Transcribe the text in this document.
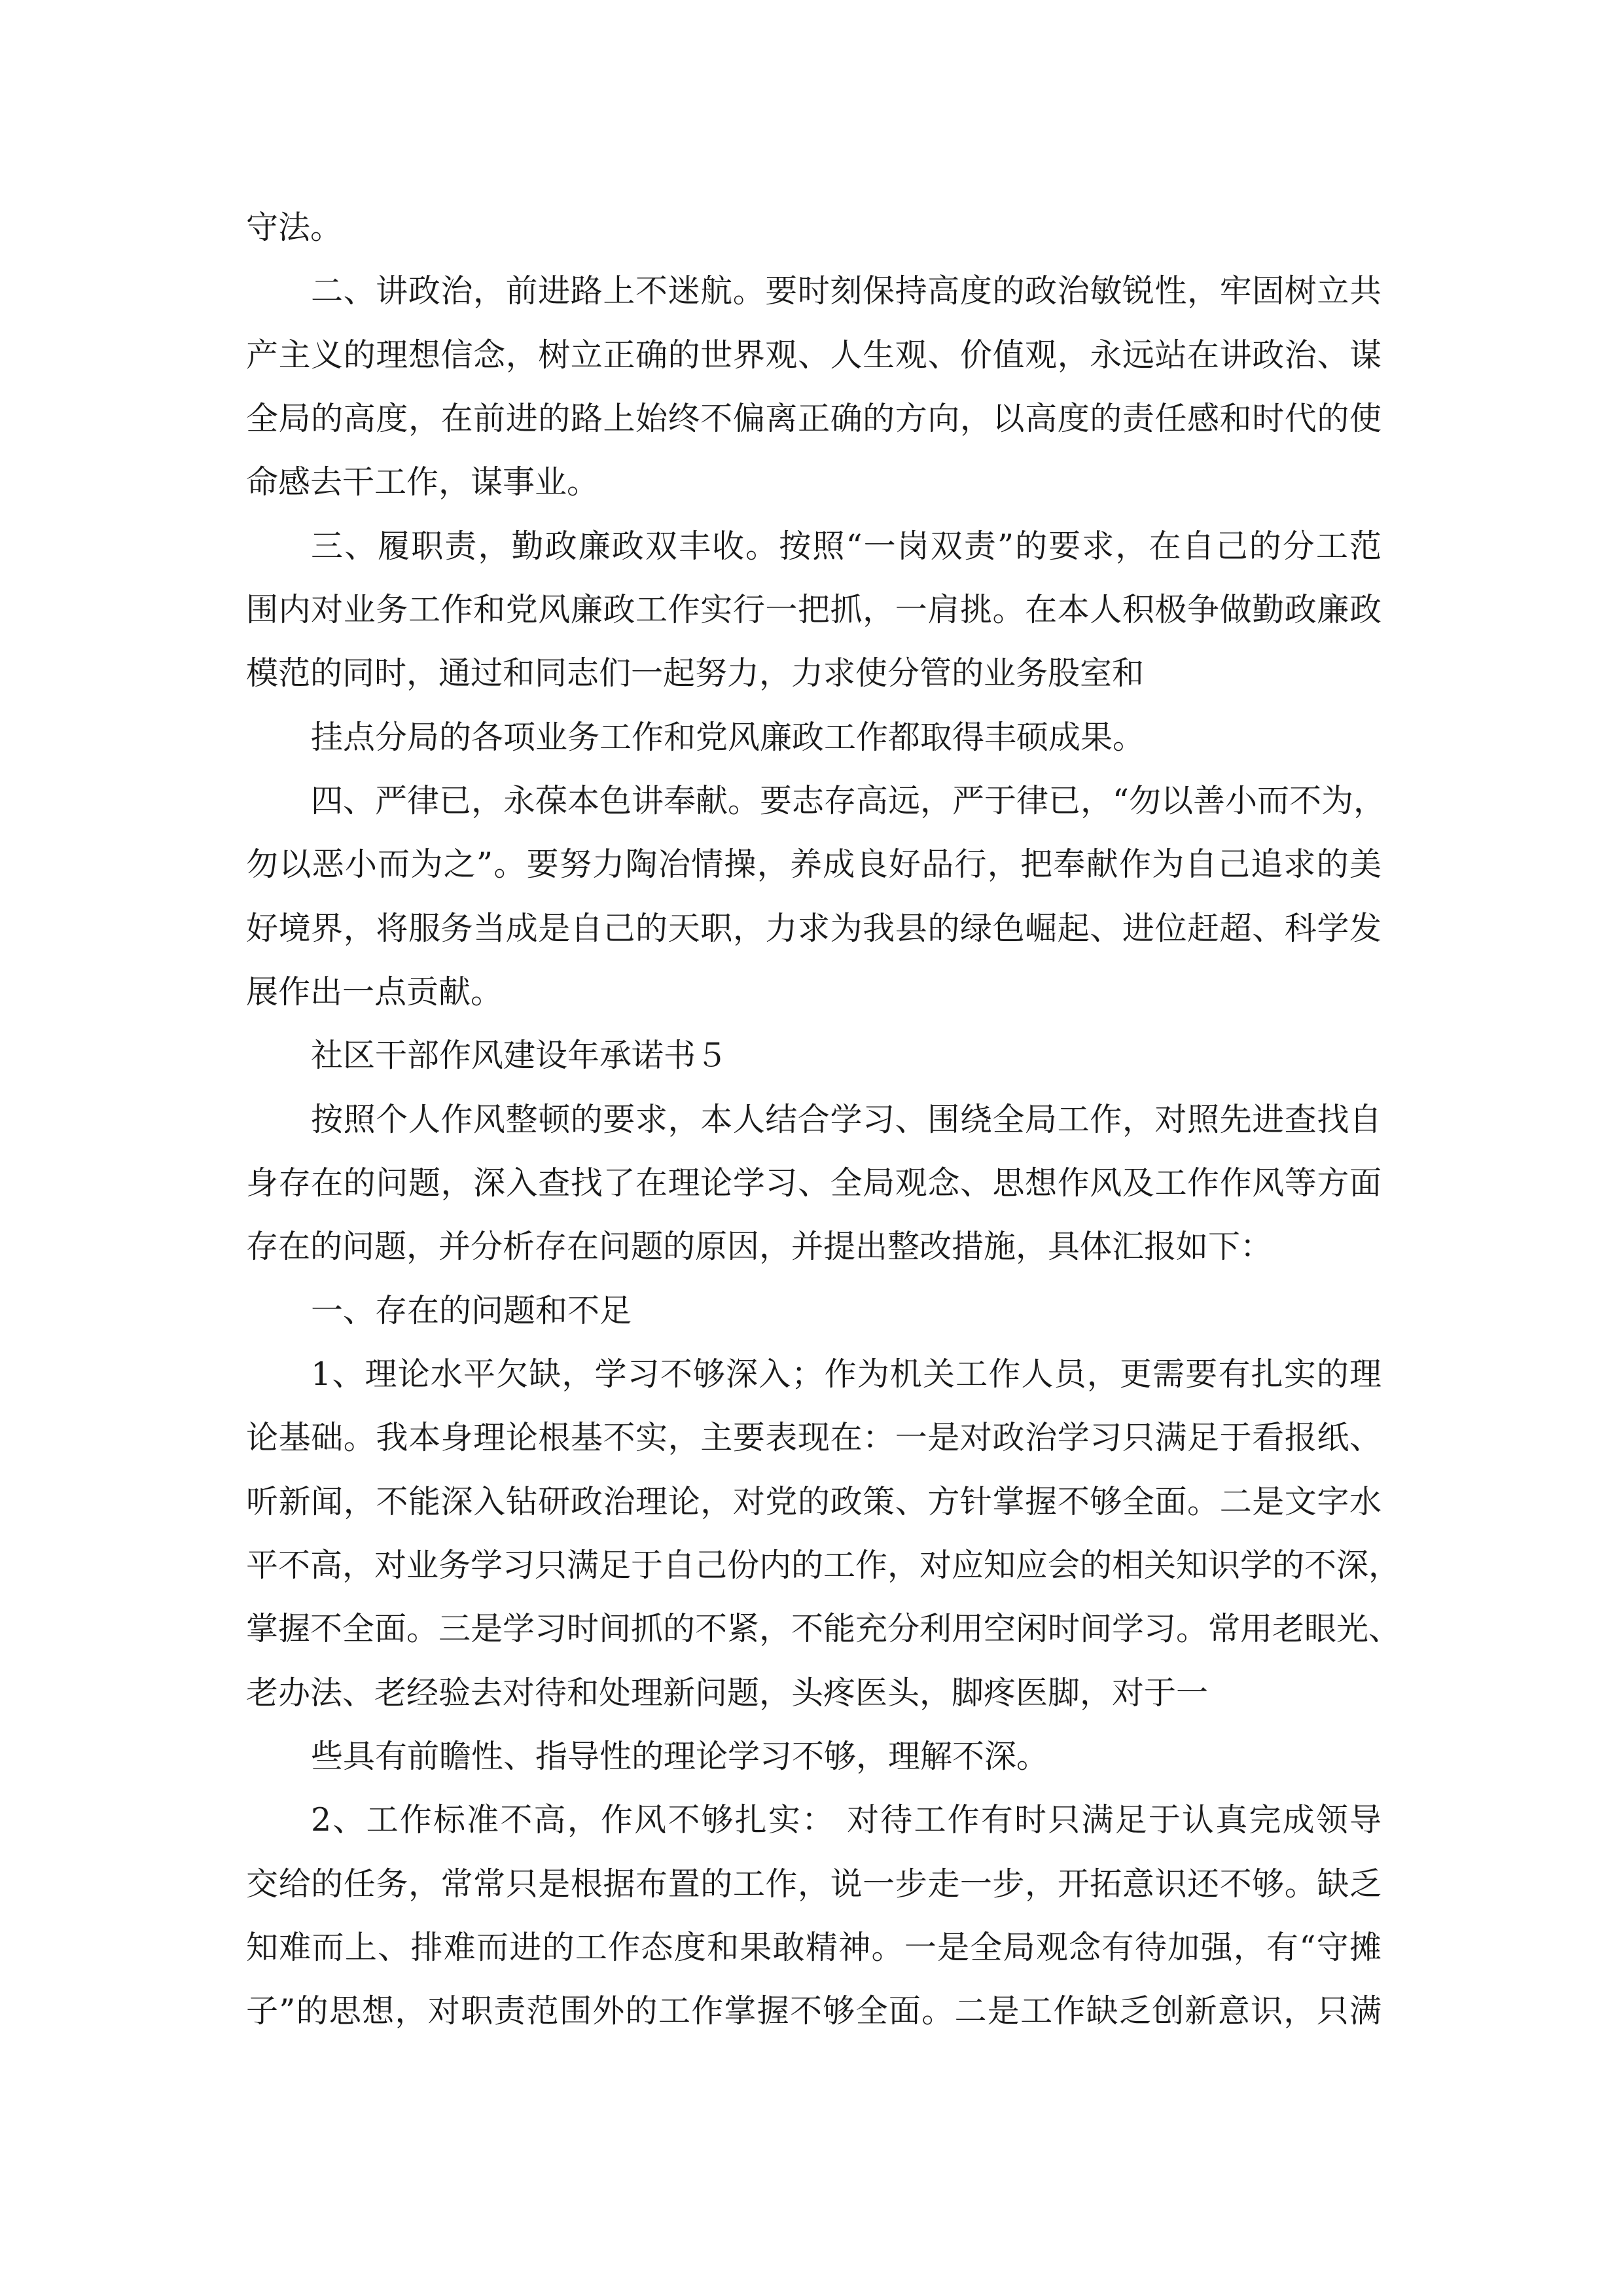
守法。
二、讲政治，前进路上不迷航。要时刻保持高度的政治敏锐性，牢固树立共
产主义的理想信念，树立正确的世界观、人生观、价值观，永远站在讲政治、谋
全局的高度，在前进的路上始终不偏离正确的方向，以高度的责任感和时代的使
命感去干工作，谋事业。
三、履职责，勤政廉政双丰收。按照“一岗双责”的要求，在自己的分工范
围内对业务工作和党风廉政工作实行一把抓，一肩挑。在本人积极争做勤政廉政
模范的同时，通过和同志们一起努力，力求使分管的业务股室和
挂点分局的各项业务工作和党风廉政工作都取得丰硕成果。
四、严律已，永葆本色讲奉献。要志存高远，严于律已，“勿以善小而不为，
勿以恶小而为之”。要努力陶冶情操，养成良好品行，把奉献作为自己追求的美
好境界，将服务当成是自己的天职，力求为我县的绿色崛起、进位赶超、科学发
展作出一点贡献。
社区干部作风建设年承诺书５
按照个人作风整顿的要求，本人结合学习、围绕全局工作，对照先进查找自
身存在的问题，深入查找了在理论学习、全局观念、思想作风及工作作风等方面
存在的问题，并分析存在问题的原因，并提出整改措施，具体汇报如下：
一、存在的问题和不足
1、理论水平欠缺，学习不够深入；作为机关工作人员，更需要有扎实的理
论基础。我本身理论根基不实，主要表现在：一是对政治学习只满足于看报纸、
听新闻，不能深入钻研政治理论，对党的政策、方针掌握不够全面。二是文字水
平不高，对业务学习只满足于自己份内的工作，对应知应会的相关知识学的不深，
掌握不全面。三是学习时间抓的不紧，不能充分利用空闲时间学习。常用老眼光、
老办法、老经验去对待和处理新问题，头疼医头，脚疼医脚，对于一
些具有前瞻性、指导性的理论学习不够，理解不深。
2、工作标准不高，作风不够扎实： 对待工作有时只满足于认真完成领导
交给的任务，常常只是根据布置的工作，说一步走一步，开拓意识还不够。缺乏
知难而上、排难而进的工作态度和果敢精神。一是全局观念有待加强，有“守摊
子”的思想，对职责范围外的工作掌握不够全面。二是工作缺乏创新意识，只满
